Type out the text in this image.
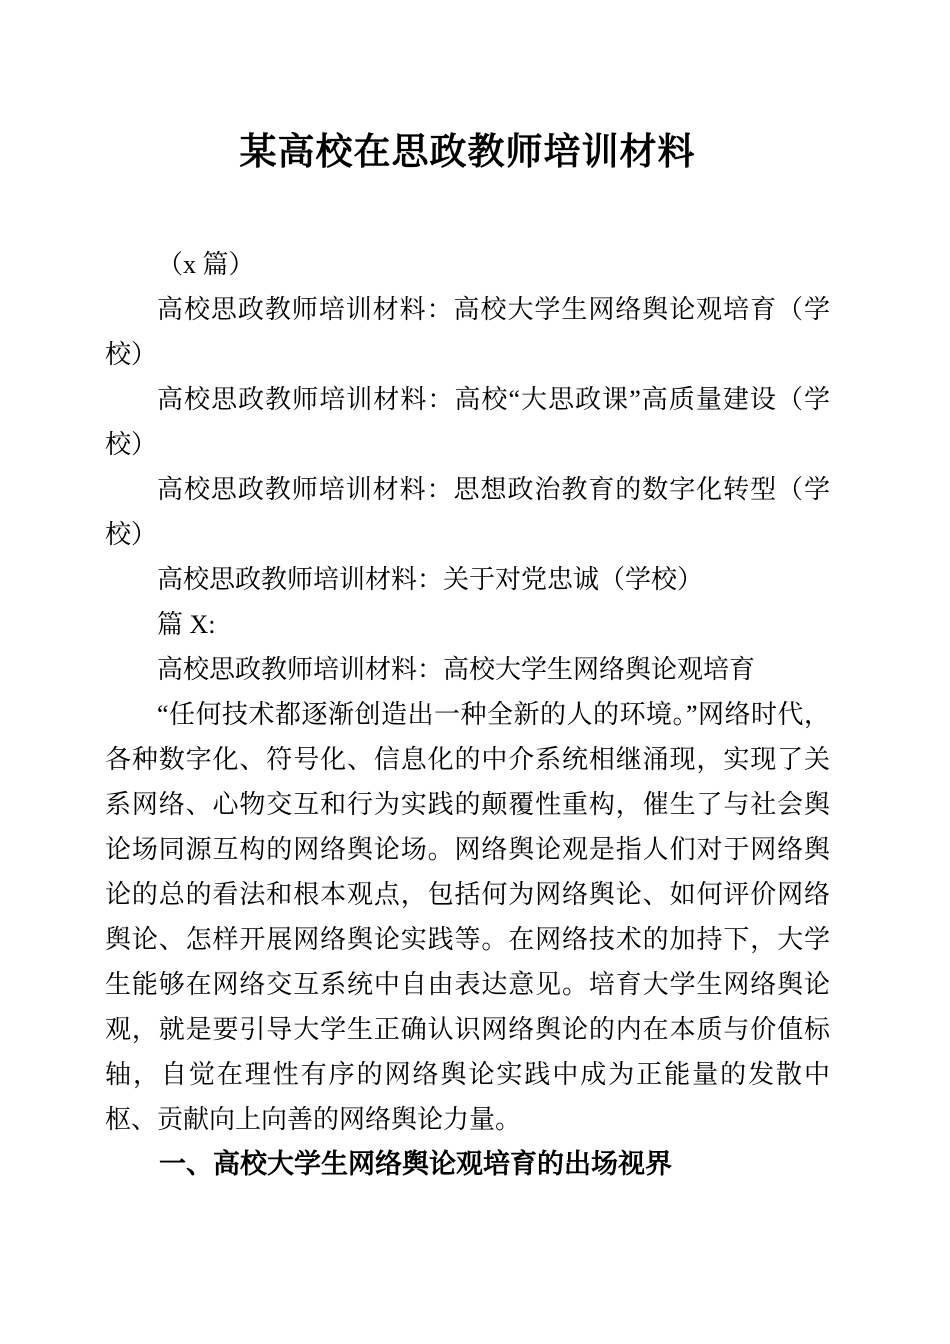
某高校在思政教师培训材料

（x 篇）

高校思政教师培训材料：高校大学生网络舆论观培育（学校）

高校思政教师培训材料：高校“大思政课”高质量建设（学校）

高校思政教师培训材料：思想政治教育的数字化转型（学校）

高校思政教师培训材料：关于对党忠诚（学校）

篇 X:

高校思政教师培训材料：高校大学生网络舆论观培育

“任何技术都逐渐创造出一种全新的人的环境。”网络时代，各种数字化、符号化、信息化的中介系统相继涌现，实现了关系网络、心物交互和行为实践的颠覆性重构，催生了与社会舆论场同源互构的网络舆论场。网络舆论观是指人们对于网络舆论的总的看法和根本观点，包括何为网络舆论、如何评价网络舆论、怎样开展网络舆论实践等。在网络技术的加持下，大学生能够在网络交互系统中自由表达意见。培育大学生网络舆论观，就是要引导大学生正确认识网络舆论的内在本质与价值标轴，自觉在理性有序的网络舆论实践中成为正能量的发散中枢、贡献向上向善的网络舆论力量。

一、高校大学生网络舆论观培育的出场视界
